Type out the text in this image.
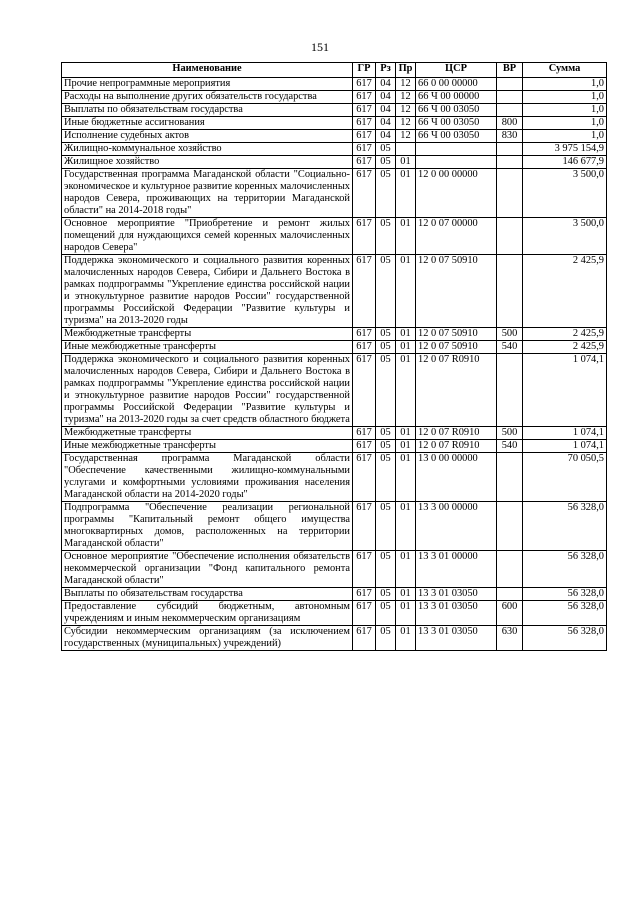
151
Наименование	ГР	Рз	Пр	ЦСР	ВР	Сумма
Прочие непрограммные мероприятия	617	04	12	66 0 00 00000		1,0
Расходы на выполнение других обязательств государства	617	04	12	66 Ч 00 00000		1,0
Выплаты по обязательствам государства	617	04	12	66 Ч 00 03050		1,0
Иные бюджетные ассигнования	617	04	12	66 Ч 00 03050	800	1,0
Исполнение судебных актов	617	04	12	66 Ч 00 03050	830	1,0
Жилищно-коммунальное хозяйство	617	05				3 975 154,9
Жилищное хозяйство	617	05	01			146 677,9
Государственная программа Магаданской области "Социально-экономическое и культурное развитие коренных малочисленных народов Севера, проживающих на территории Магаданской области" на 2014-2018 годы"	617	05	01	12 0 00 00000		3 500,0
Основное мероприятие "Приобретение и ремонт жилых помещений для нуждающихся семей коренных малочисленных народов Севера"	617	05	01	12 0 07 00000		3 500,0
Поддержка экономического и социального развития коренных малочисленных народов Севера, Сибири и Дальнего Востока в рамках подпрограммы "Укрепление единства российской нации и этнокультурное развитие народов России" государственной программы Российской Федерации "Развитие культуры и туризма" на 2013-2020 годы	617	05	01	12 0 07 50910		2 425,9
Межбюджетные трансферты	617	05	01	12 0 07 50910	500	2 425,9
Иные межбюджетные трансферты	617	05	01	12 0 07 50910	540	2 425,9
Поддержка экономического и социального развития коренных малочисленных народов Севера, Сибири и Дальнего Востока в рамках подпрограммы "Укрепление единства российской нации и этнокультурное развитие народов России" государственной программы Российской Федерации "Развитие культуры и туризма" на 2013-2020 годы за счет средств областного бюджета	617	05	01	12 0 07 R0910		1 074,1
Межбюджетные трансферты	617	05	01	12 0 07 R0910	500	1 074,1
Иные межбюджетные трансферты	617	05	01	12 0 07 R0910	540	1 074,1
Государственная программа Магаданской области "Обеспечение качественными жилищно-коммунальными услугами и комфортными условиями проживания населения Магаданской области на 2014-2020 годы"	617	05	01	13 0 00 00000		70 050,5
Подпрограмма "Обеспечение реализации региональной программы "Капитальный ремонт общего имущества многоквартирных домов, расположенных на территории Магаданской области"	617	05	01	13 3 00 00000		56 328,0
Основное мероприятие "Обеспечение исполнения обязательств некоммерческой организации "Фонд капитального ремонта Магаданской области"	617	05	01	13 3 01 00000		56 328,0
Выплаты по обязательствам государства	617	05	01	13 3 01 03050		56 328,0
Предоставление субсидий бюджетным, автономным учреждениям и иным некоммерческим организациям	617	05	01	13 3 01 03050	600	56 328,0
Субсидии некоммерческим организациям (за исключением государственных (муниципальных) учреждений)	617	05	01	13 3 01 03050	630	56 328,0
